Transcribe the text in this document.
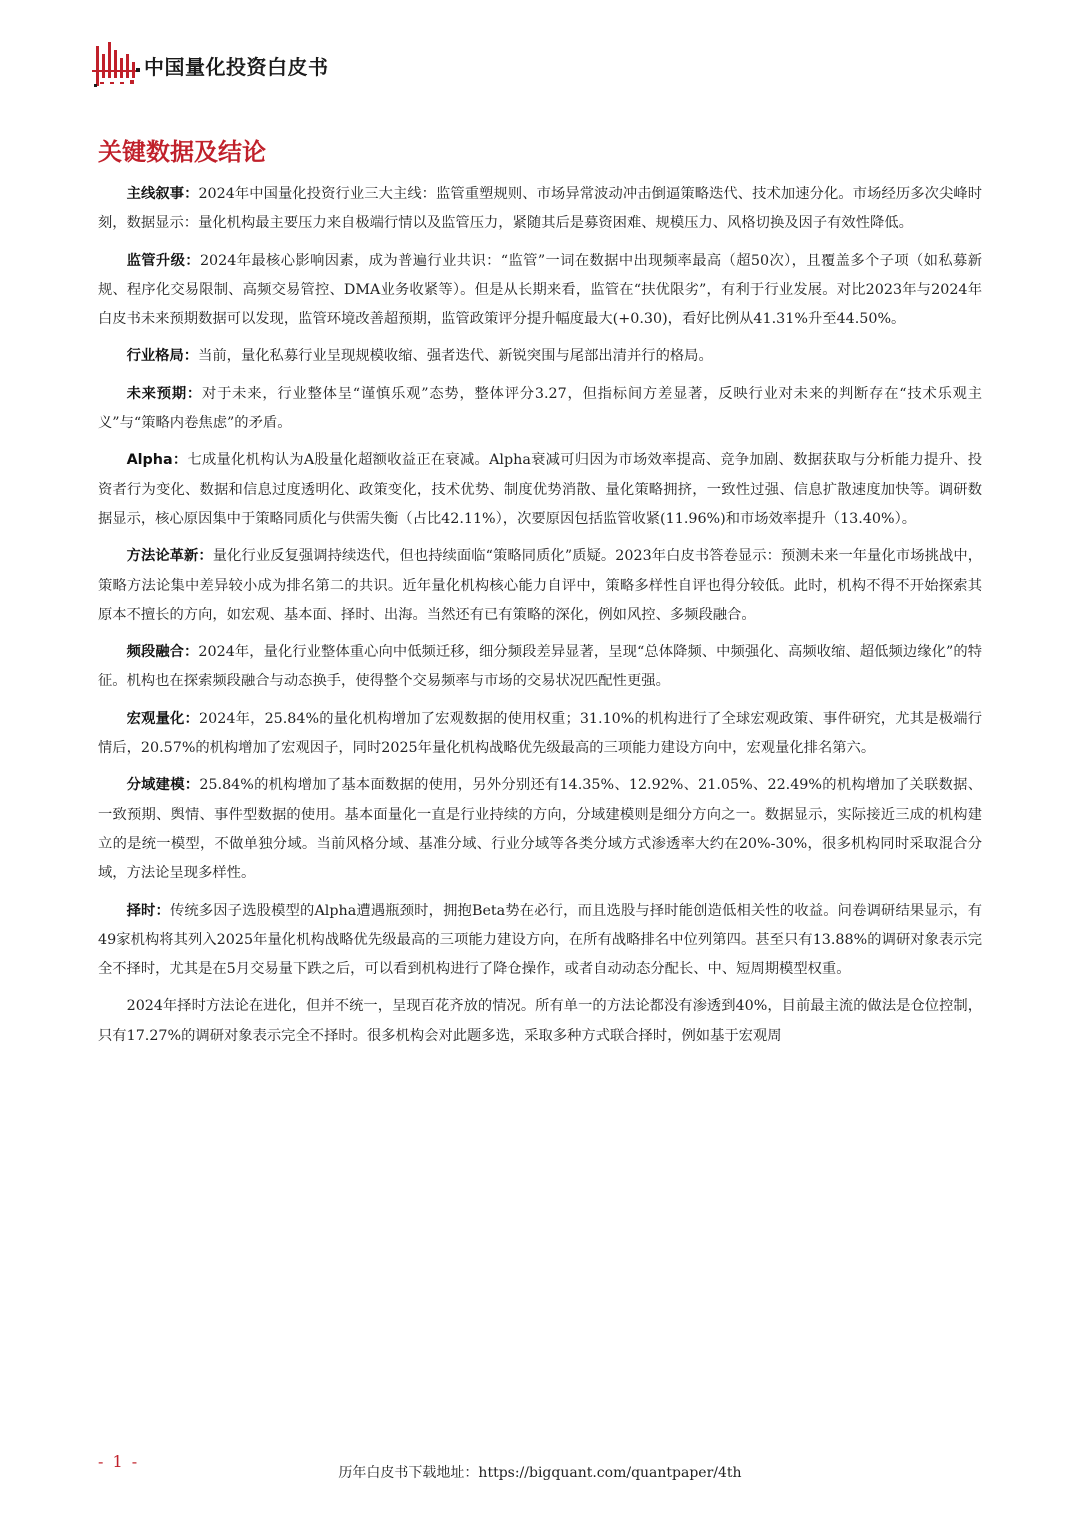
中国量化投资白皮书
关键数据及结论

主线叙事：2024年中国量化投资行业三大主线：监管重塑规则、市场异常波动冲击倒逼策略迭代、技术加速分化。市场经历多次尖峰时刻，数据显示：量化机构最主要压力来自极端行情以及监管压力，紧随其后是募资困难、规模压力、风格切换及因子有效性降低。

监管升级：2024年最核心影响因素，成为普遍行业共识：“监管”一词在数据中出现频率最高（超50次），且覆盖多个子项（如私募新规、程序化交易限制、高频交易管控、DMA业务收紧等）。但是从长期来看，监管在“扶优限劣”，有利于行业发展。对比2023年与2024年白皮书未来预期数据可以发现，监管环境改善超预期，监管政策评分提升幅度最大(+0.30)，看好比例从41.31%升至44.50%。

行业格局：当前，量化私募行业呈现规模收缩、强者迭代、新锐突围与尾部出清并行的格局。

未来预期：对于未来，行业整体呈“谨慎乐观”态势，整体评分3.27，但指标间方差显著，反映行业对未来的判断存在“技术乐观主义”与“策略内卷焦虑”的矛盾。

Alpha：七成量化机构认为A股量化超额收益正在衰减。Alpha衰减可归因为市场效率提高、竞争加剧、数据获取与分析能力提升、投资者行为变化、数据和信息过度透明化、政策变化，技术优势、制度优势消散、量化策略拥挤，一致性过强、信息扩散速度加快等。调研数据显示，核心原因集中于策略同质化与供需失衡（占比42.11%），次要原因包括监管收紧(11.96%)和市场效率提升（13.40%）。

方法论革新：量化行业反复强调持续迭代，但也持续面临“策略同质化”质疑。2023年白皮书答卷显示：预测未来一年量化市场挑战中，策略方法论集中差异较小成为排名第二的共识。近年量化机构核心能力自评中，策略多样性自评也得分较低。此时，机构不得不开始探索其原本不擅长的方向，如宏观、基本面、择时、出海。当然还有已有策略的深化，例如风控、多频段融合。

频段融合：2024年，量化行业整体重心向中低频迁移，细分频段差异显著，呈现“总体降频、中频强化、高频收缩、超低频边缘化”的特征。机构也在探索频段融合与动态换手，使得整个交易频率与市场的交易状况匹配性更强。

宏观量化：2024年，25.84%的量化机构增加了宏观数据的使用权重；31.10%的机构进行了全球宏观政策、事件研究，尤其是极端行情后，20.57%的机构增加了宏观因子，同时2025年量化机构战略优先级最高的三项能力建设方向中，宏观量化排名第六。

分域建模：25.84%的机构增加了基本面数据的使用，另外分别还有14.35%、12.92%、21.05%、22.49%的机构增加了关联数据、一致预期、舆情、事件型数据的使用。基本面量化一直是行业持续的方向，分域建模则是细分方向之一。数据显示，实际接近三成的机构建立的是统一模型，不做单独分域。当前风格分域、基准分域、行业分域等各类分域方式渗透率大约在20%-30%，很多机构同时采取混合分域，方法论呈现多样性。

择时：传统多因子选股模型的Alpha遭遇瓶颈时，拥抱Beta势在必行，而且选股与择时能创造低相关性的收益。问卷调研结果显示，有49家机构将其列入2025年量化机构战略优先级最高的三项能力建设方向，在所有战略排名中位列第四。甚至只有13.88%的调研对象表示完全不择时，尤其是在5月交易量下跌之后，可以看到机构进行了降仓操作，或者自动动态分配长、中、短周期模型权重。

2024年择时方法论在进化，但并不统一，呈现百花齐放的情况。所有单一的方法论都没有渗透到40%，目前最主流的做法是仓位控制，只有17.27%的调研对象表示完全不择时。很多机构会对此题多选，采取多种方式联合择时，例如基于宏观周

- 1 -
历年白皮书下载地址：https://bigquant.com/quantpaper/4th
